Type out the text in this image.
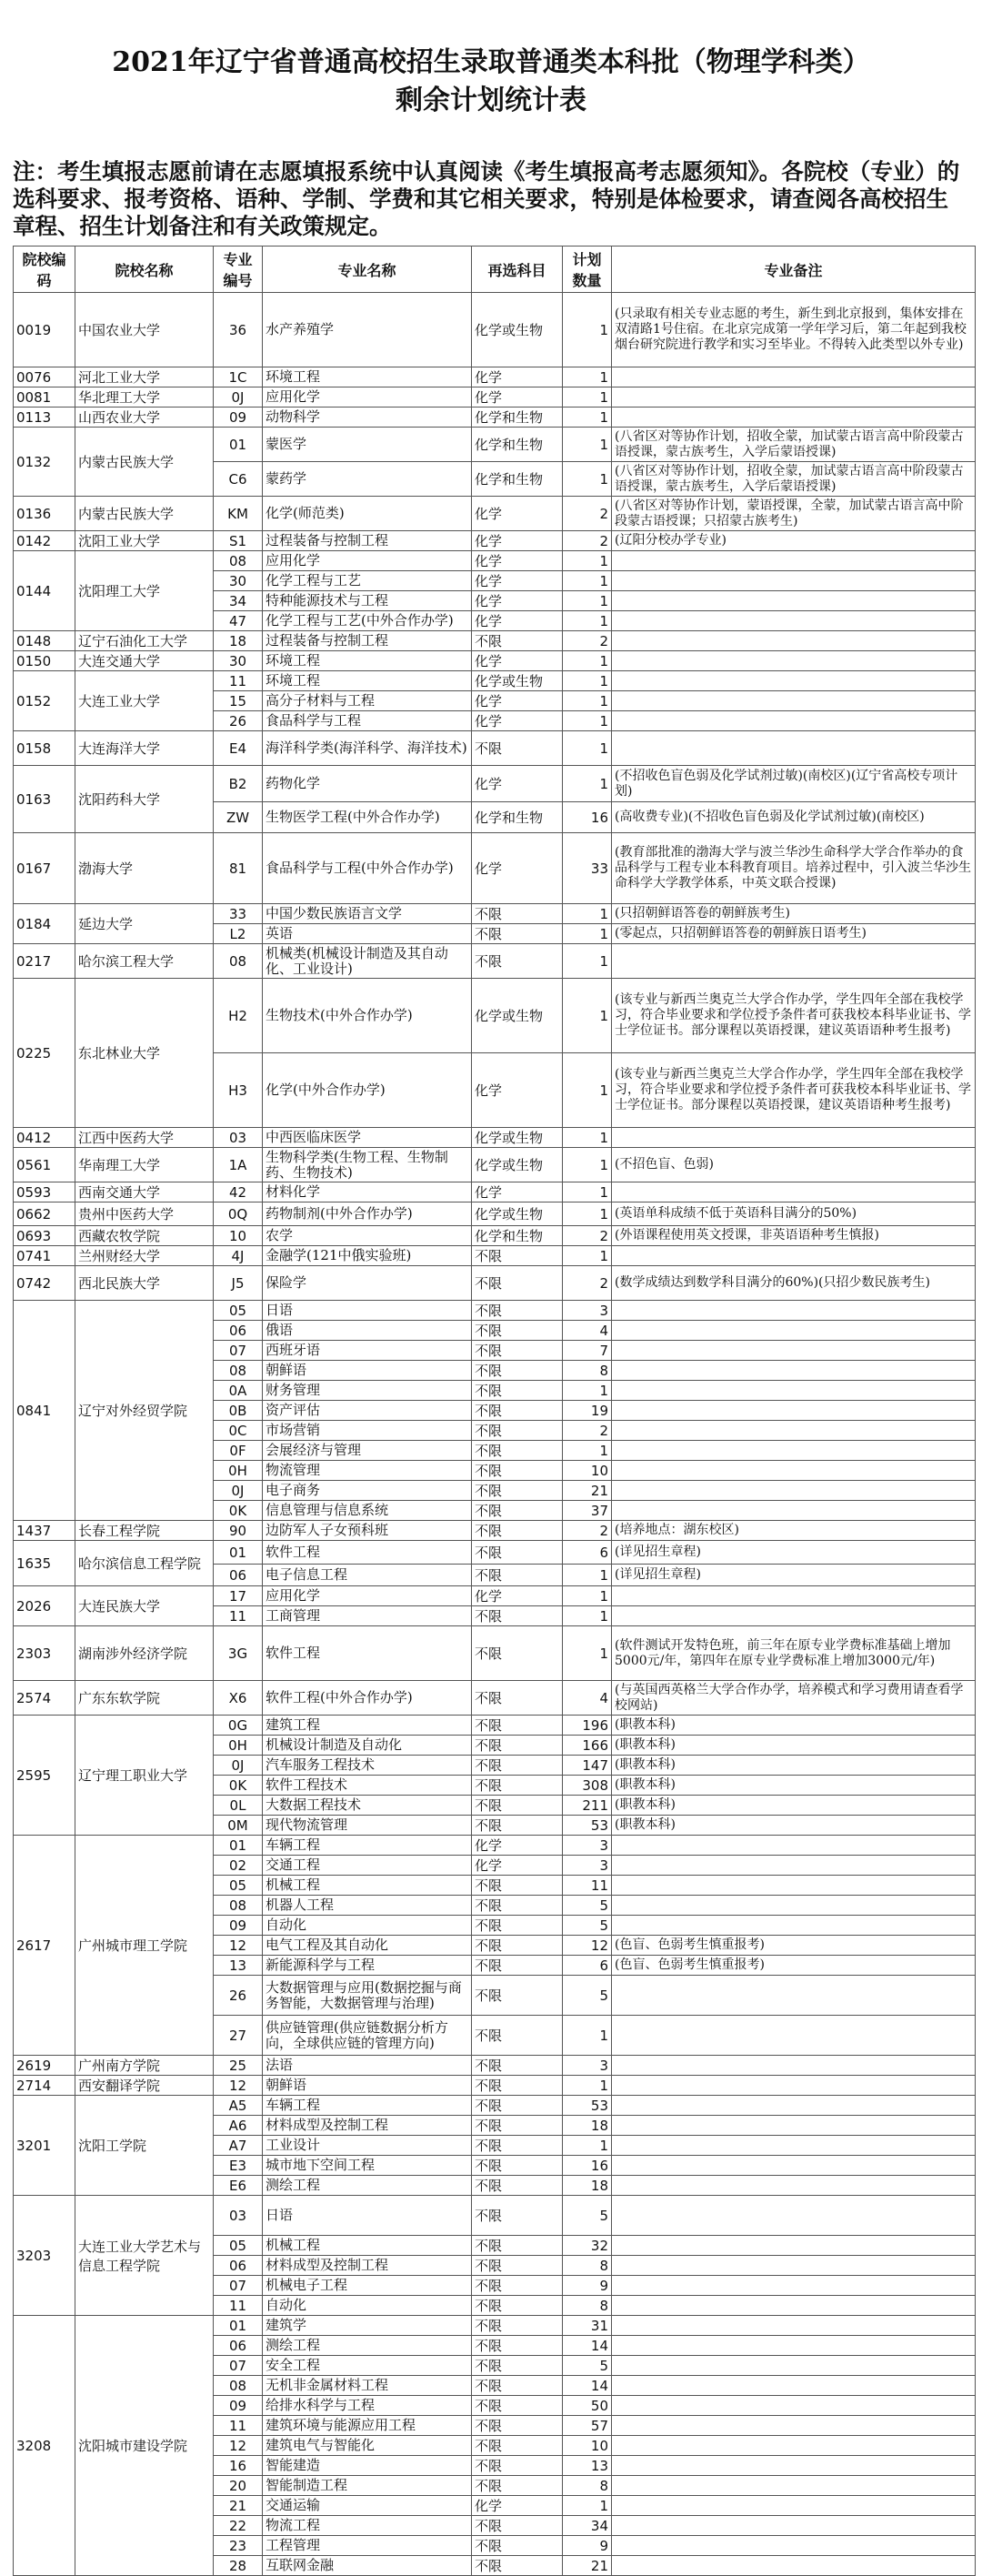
2021年辽宁省普通高校招生录取普通类本科批（物理学科类）
剩余计划统计表
注：考生填报志愿前请在志愿填报系统中认真阅读《考生填报高考志愿须知》。各院校（专业）的选科要求、报考资格、语种、学制、学费和其它相关要求，特别是体检要求，请查阅各高校招生章程、招生计划备注和有关政策规定。
院校编码	院校名称	专业编号	专业名称	再选科目	计划数量	专业备注
0019	中国农业大学	36	水产养殖学	化学或生物	1	(只录取有相关专业志愿的考生，新生到北京报到，集体安排在双清路1号住宿。在北京完成第一学年学习后，第二年起到我校烟台研究院进行教学和实习至毕业。不得转入此类型以外专业)
0076	河北工业大学	1C	环境工程	化学	1	
0081	华北理工大学	0J	应用化学	化学	1	
0113	山西农业大学	09	动物科学	化学和生物	1	
0132	内蒙古民族大学	01	蒙医学	化学和生物	1	(八省区对等协作计划，招收全蒙，加试蒙古语言高中阶段蒙古语授课，蒙古族考生，入学后蒙语授课)
		C6	蒙药学	化学和生物	1	(八省区对等协作计划，招收全蒙，加试蒙古语言高中阶段蒙古语授课，蒙古族考生，入学后蒙语授课)
0136	内蒙古民族大学	KM	化学(师范类)	化学	2	(八省区对等协作计划，蒙语授课，全蒙，加试蒙古语言高中阶段蒙古语授课；只招蒙古族考生)
0142	沈阳工业大学	S1	过程装备与控制工程	化学	2	(辽阳分校办学专业)
0144	沈阳理工大学	08	应用化学	化学	1	
		30	化学工程与工艺	化学	1	
		34	特种能源技术与工程	化学	1	
		47	化学工程与工艺(中外合作办学)	化学	1	
0148	辽宁石油化工大学	18	过程装备与控制工程	不限	2	
0150	大连交通大学	30	环境工程	化学	1	
0152	大连工业大学	11	环境工程	化学或生物	1	
		15	高分子材料与工程	化学	1	
		26	食品科学与工程	化学	1	
0158	大连海洋大学	E4	海洋科学类(海洋科学、海洋技术)	不限	1	
0163	沈阳药科大学	B2	药物化学	化学	1	(不招收色盲色弱及化学试剂过敏)(南校区)(辽宁省高校专项计划)
		ZW	生物医学工程(中外合作办学)	化学和生物	16	(高收费专业)(不招收色盲色弱及化学试剂过敏)(南校区)
0167	渤海大学	81	食品科学与工程(中外合作办学)	化学	33	(教育部批准的渤海大学与波兰华沙生命科学大学合作举办的食品科学与工程专业本科教育项目。培养过程中，引入波兰华沙生命科学大学教学体系，中英文联合授课)
0184	延边大学	33	中国少数民族语言文学	不限	1	(只招朝鲜语答卷的朝鲜族考生)
		L2	英语	不限	1	(零起点，只招朝鲜语答卷的朝鲜族日语考生)
0217	哈尔滨工程大学	08	机械类(机械设计制造及其自动化、工业设计)	不限	1	
0225	东北林业大学	H2	生物技术(中外合作办学)	化学或生物	1	(该专业与新西兰奥克兰大学合作办学，学生四年全部在我校学习，符合毕业要求和学位授予条件者可获我校本科毕业证书、学士学位证书。部分课程以英语授课，建议英语语种考生报考)
		H3	化学(中外合作办学)	化学	1	(该专业与新西兰奥克兰大学合作办学，学生四年全部在我校学习，符合毕业要求和学位授予条件者可获我校本科毕业证书、学士学位证书。部分课程以英语授课，建议英语语种考生报考)
0412	江西中医药大学	03	中西医临床医学	化学或生物	1	
0561	华南理工大学	1A	生物科学类(生物工程、生物制药、生物技术)	化学或生物	1	(不招色盲、色弱)
0593	西南交通大学	42	材料化学	化学	1	
0662	贵州中医药大学	0Q	药物制剂(中外合作办学)	化学或生物	1	(英语单科成绩不低于英语科目满分的50%)
0693	西藏农牧学院	10	农学	化学和生物	2	(外语课程使用英文授课，非英语语种考生慎报)
0741	兰州财经大学	4J	金融学(121中俄实验班)	不限	1	
0742	西北民族大学	J5	保险学	不限	2	(数学成绩达到数学科目满分的60%)(只招少数民族考生)
0841	辽宁对外经贸学院	05	日语	不限	3	
		06	俄语	不限	4	
		07	西班牙语	不限	7	
		08	朝鲜语	不限	8	
		0A	财务管理	不限	1	
		0B	资产评估	不限	19	
		0C	市场营销	不限	2	
		0F	会展经济与管理	不限	1	
		0H	物流管理	不限	10	
		0J	电子商务	不限	21	
		0K	信息管理与信息系统	不限	37	
1437	长春工程学院	90	边防军人子女预科班	不限	2	(培养地点：湖东校区)
1635	哈尔滨信息工程学院	01	软件工程	不限	6	(详见招生章程)
		06	电子信息工程	不限	1	(详见招生章程)
2026	大连民族大学	17	应用化学	化学	1	
		11	工商管理	不限	1	
2303	湖南涉外经济学院	3G	软件工程	不限	1	(软件测试开发特色班，前三年在原专业学费标准基础上增加5000元/年，第四年在原专业学费标准上增加3000元/年)
2574	广东东软学院	X6	软件工程(中外合作办学)	不限	4	(与英国西英格兰大学合作办学，培养模式和学习费用请查看学校网站)
2595	辽宁理工职业大学	0G	建筑工程	不限	196	(职教本科)
		0H	机械设计制造及自动化	不限	166	(职教本科)
		0J	汽车服务工程技术	不限	147	(职教本科)
		0K	软件工程技术	不限	308	(职教本科)
		0L	大数据工程技术	不限	211	(职教本科)
		0M	现代物流管理	不限	53	(职教本科)
2617	广州城市理工学院	01	车辆工程	化学	3	
		02	交通工程	化学	3	
		05	机械工程	不限	11	
		08	机器人工程	不限	5	
		09	自动化	不限	5	
		12	电气工程及其自动化	不限	12	(色盲、色弱考生慎重报考)
		13	新能源科学与工程	不限	6	(色盲、色弱考生慎重报考)
		26	大数据管理与应用(数据挖掘与商务智能，大数据管理与治理)	不限	5	
		27	供应链管理(供应链数据分析方向，全球供应链的管理方向)	不限	1	
2619	广州南方学院	25	法语	不限	3	
2714	西安翻译学院	12	朝鲜语	不限	1	
3201	沈阳工学院	A5	车辆工程	不限	53	
		A6	材料成型及控制工程	不限	18	
		A7	工业设计	不限	1	
		E3	城市地下空间工程	不限	16	
		E6	测绘工程	不限	18	
3203	大连工业大学艺术与信息工程学院	03	日语	不限	5	
		05	机械工程	不限	32	
		06	材料成型及控制工程	不限	8	
		07	机械电子工程	不限	9	
		11	自动化	不限	8	
3208	沈阳城市建设学院	01	建筑学	不限	31	
		06	测绘工程	不限	14	
		07	安全工程	不限	5	
		08	无机非金属材料工程	不限	14	
		09	给排水科学与工程	不限	50	
		11	建筑环境与能源应用工程	不限	57	
		12	建筑电气与智能化	不限	10	
		16	智能建造	不限	13	
		20	智能制造工程	不限	8	
		21	交通运输	化学	1	
		22	物流工程	不限	34	
		23	工程管理	不限	9	
		28	互联网金融	不限	21	
